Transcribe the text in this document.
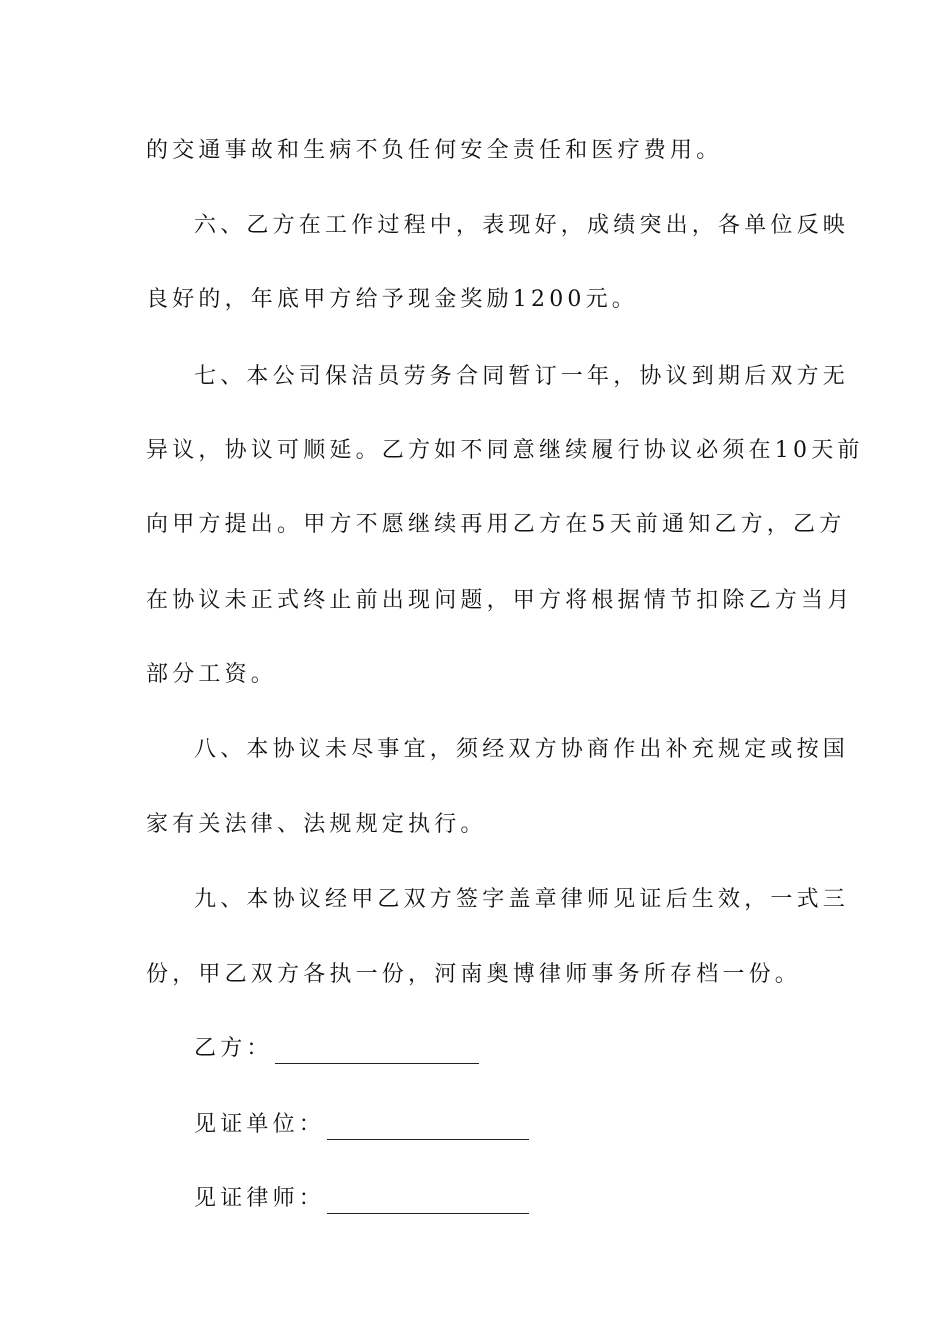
的交通事故和生病不负任何安全责任和医疗费用。
六、乙方在工作过程中，表现好，成绩突出，各单位反映
良好的，年底甲方给予现金奖励1200元。
七、本公司保洁员劳务合同暂订一年，协议到期后双方无
异议，协议可顺延。乙方如不同意继续履行协议必须在10天前
向甲方提出。甲方不愿继续再用乙方在5天前通知乙方，乙方
在协议未正式终止前出现问题，甲方将根据情节扣除乙方当月
部分工资。
八、本协议未尽事宜，须经双方协商作出补充规定或按国
家有关法律、法规规定执行。
九、本协议经甲乙双方签字盖章律师见证后生效，一式三
份，甲乙双方各执一份，河南奥博律师事务所存档一份。
乙方：
见证单位：
见证律师：
